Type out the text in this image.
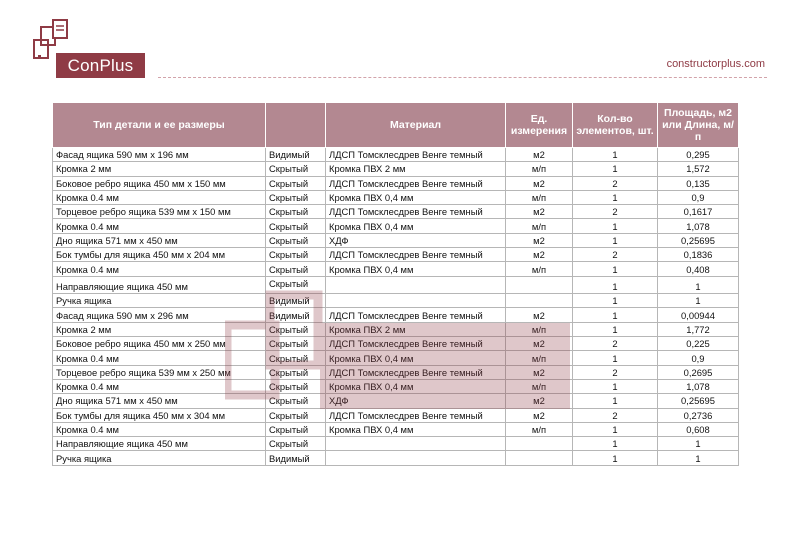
ConPlus	constructorplus.com
Тип детали и ее размеры		Материал	Ед. измерения	Кол-во элементов, шт.	Площадь, м2 или Длина, м/п
Фасад ящика 590 мм х 196 мм	Видимый	ЛДСП Томсклесдрев Венге темный	м2	1	0,295
Кромка 2 мм	Скрытый	Кромка ПВХ 2 мм	м/п	1	1,572
Боковое ребро ящика 450 мм х 150 мм	Скрытый	ЛДСП Томсклесдрев Венге темный	м2	2	0,135
Кромка 0.4 мм	Скрытый	Кромка ПВХ 0,4 мм	м/п	1	0,9
Торцевое ребро ящика 539 мм х 150 мм	Скрытый	ЛДСП Томсклесдрев Венге темный	м2	2	0,1617
Кромка 0.4 мм	Скрытый	Кромка ПВХ 0,4 мм	м/п	1	1,078
Дно ящика 571 мм х 450 мм	Скрытый	ХДФ	м2	1	0,25695
Бок тумбы для ящика 450 мм х 204 мм	Скрытый	ЛДСП Томсклесдрев Венге темный	м2	2	0,1836
Кромка 0.4 мм	Скрытый	Кромка ПВХ 0,4 мм	м/п	1	0,408
Направляющие ящика 450 мм	Скрытый			1	1
Ручка ящика	Видимый			1	1
Фасад ящика 590 мм х 296 мм	Видимый	ЛДСП Томсклесдрев Венге темный	м2	1	0,00944
Кромка 2 мм	Скрытый	Кромка ПВХ 2 мм	м/п	1	1,772
Боковое ребро ящика 450 мм х 250 мм	Скрытый	ЛДСП Томсклесдрев Венге темный	м2	2	0,225
Кромка 0.4 мм	Скрытый	Кромка ПВХ 0,4 мм	м/п	1	0,9
Торцевое ребро ящика 539 мм х 250 мм	Скрытый	ЛДСП Томсклесдрев Венге темный	м2	2	0,2695
Кромка 0.4 мм	Скрытый	Кромка ПВХ 0,4 мм	м/п	1	1,078
Дно ящика 571 мм х 450 мм	Скрытый	ХДФ	м2	1	0,25695
Бок тумбы для ящика 450 мм х 304 мм	Скрытый	ЛДСП Томсклесдрев Венге темный	м2	2	0,2736
Кромка 0.4 мм	Скрытый	Кромка ПВХ 0,4 мм	м/п	1	0,608
Направляющие ящика 450 мм	Скрытый			1	1
Ручка ящика	Видимый			1	1
